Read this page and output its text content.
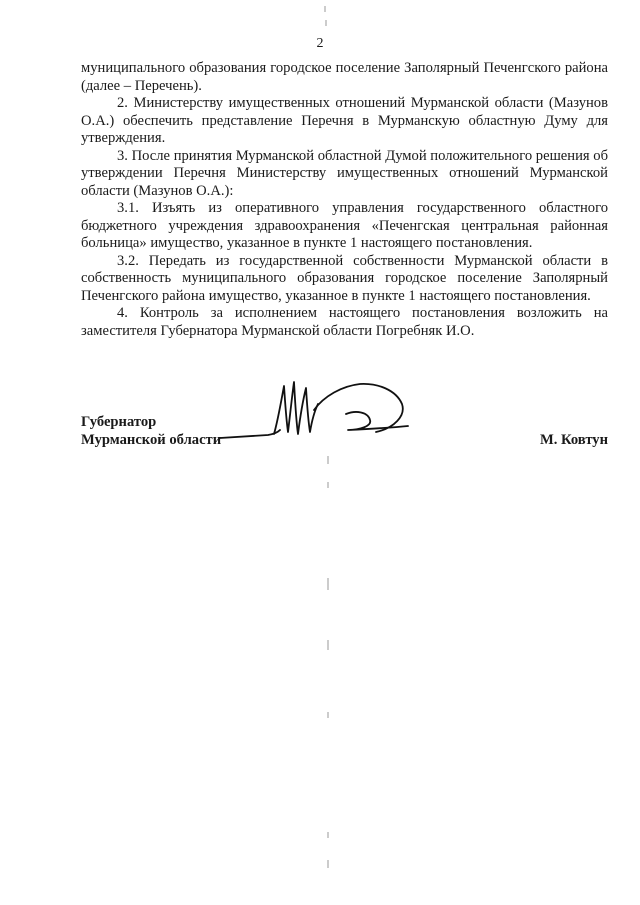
2

муниципального образования городское поселение Заполярный Печенгского района (далее – Перечень).

2. Министерству имущественных отношений Мурманской области (Мазунов О.А.) обеспечить представление Перечня в Мурманскую областную Думу для утверждения.

3. После принятия Мурманской областной Думой положительного решения об утверждении Перечня Министерству имущественных отношений Мурманской области (Мазунов О.А.):

3.1. Изъять из оперативного управления государственного областного бюджетного учреждения здравоохранения «Печенгская центральная районная больница» имущество, указанное в пункте 1 настоящего постановления.

3.2. Передать из государственной собственности Мурманской области в собственность муниципального образования городское поселение Заполярный Печенгского района имущество, указанное в пункте 1 настоящего постановления.

4. Контроль за исполнением настоящего постановления возложить на заместителя Губернатора Мурманской области Погребняк И.О.

Губернатор
Мурманской области	М. Ковтун
